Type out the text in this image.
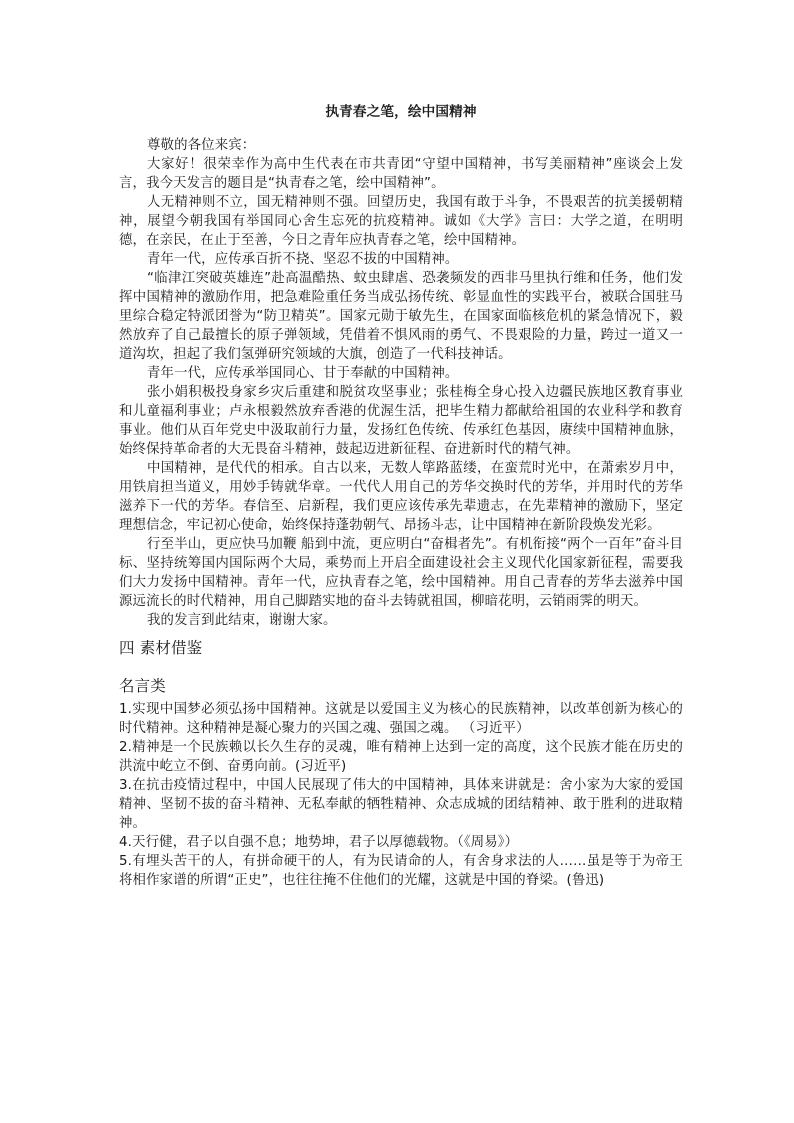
执青春之笔，绘中国精神

尊敬的各位来宾：

大家好！很荣幸作为高中生代表在市共青团“守望中国精神，书写美丽精神”座谈会上发言，我今天发言的题目是“执青春之笔，绘中国精神”。

人无精神则不立，国无精神则不强。回望历史，我国有敢于斗争，不畏艰苦的抗美援朝精神，展望今朝我国有举国同心舍生忘死的抗疫精神。诚如《大学》言曰：大学之道，在明明德，在亲民，在止于至善，今日之青年应执青春之笔，绘中国精神。

青年一代，应传承百折不挠、坚忍不拔的中国精神。

“临津江突破英雄连”赴高温酷热、蚊虫肆虐、恐袭频发的西非马里执行维和任务，他们发挥中国精神的激励作用，把急难险重任务当成弘扬传统、彰显血性的实践平台，被联合国驻马里综合稳定特派团誉为“防卫精英”。国家元勋于敏先生，在国家面临核危机的紧急情况下，毅然放弃了自己最擅长的原子弹领域，凭借着不惧风雨的勇气、不畏艰险的力量，跨过一道又一道沟坎，担起了我们氢弹研究领域的大旗，创造了一代科技神话。

青年一代，应传承举国同心、甘于奉献的中国精神。

张小娟积极投身家乡灾后重建和脱贫攻坚事业；张桂梅全身心投入边疆民族地区教育事业和儿童福利事业；卢永根毅然放弃香港的优渥生活，把毕生精力都献给祖国的农业科学和教育事业。他们从百年党史中汲取前行力量，发扬红色传统、传承红色基因，赓续中国精神血脉，始终保持革命者的大无畏奋斗精神，鼓起迈进新征程、奋进新时代的精气神。

中国精神，是代代的相承。自古以来，无数人筚路蓝缕，在蛮荒时光中，在萧索岁月中，用铁肩担当道义，用妙手铸就华章。一代代人用自己的芳华交换时代的芳华，并用时代的芳华滋养下一代的芳华。春信至、启新程，我们更应该传承先辈遗志，在先辈精神的激励下，坚定理想信念，牢记初心使命，始终保持蓬勃朝气、昂扬斗志，让中国精神在新阶段焕发光彩。

行至半山，更应快马加鞭 船到中流，更应明白“奋楫者先”。有机衔接“两个一百年”奋斗目标、坚持统筹国内国际两个大局，乘势而上开启全面建设社会主义现代化国家新征程，需要我们大力发扬中国精神。青年一代，应执青春之笔，绘中国精神。用自己青春的芳华去滋养中国源远流长的时代精神，用自己脚踏实地的奋斗去铸就祖国，柳暗花明，云销雨霁的明天。

我的发言到此结束，谢谢大家。

四 素材借鉴
名言类

1.实现中国梦必须弘扬中国精神。这就是以爱国主义为核心的民族精神，以改革创新为核心的时代精神。这种精神是凝心聚力的兴国之魂、强国之魂。 （习近平）

2.精神是一个民族赖以长久生存的灵魂，唯有精神上达到一定的高度，这个民族才能在历史的洪流中屹立不倒、奋勇向前。(习近平)

3.在抗击疫情过程中，中国人民展现了伟大的中国精神，具体来讲就是：舍小家为大家的爱国精神、坚韧不拔的奋斗精神、无私奉献的牺牲精神、众志成城的团结精神、敢于胜利的进取精神。

4.天行健，君子以自强不息；地势坤，君子以厚德载物。（《周易》）

5.有埋头苦干的人，有拼命硬干的人，有为民请命的人，有舍身求法的人……虽是等于为帝王将相作家谱的所谓“正史”，也往往掩不住他们的光耀，这就是中国的脊梁。(鲁迅)
